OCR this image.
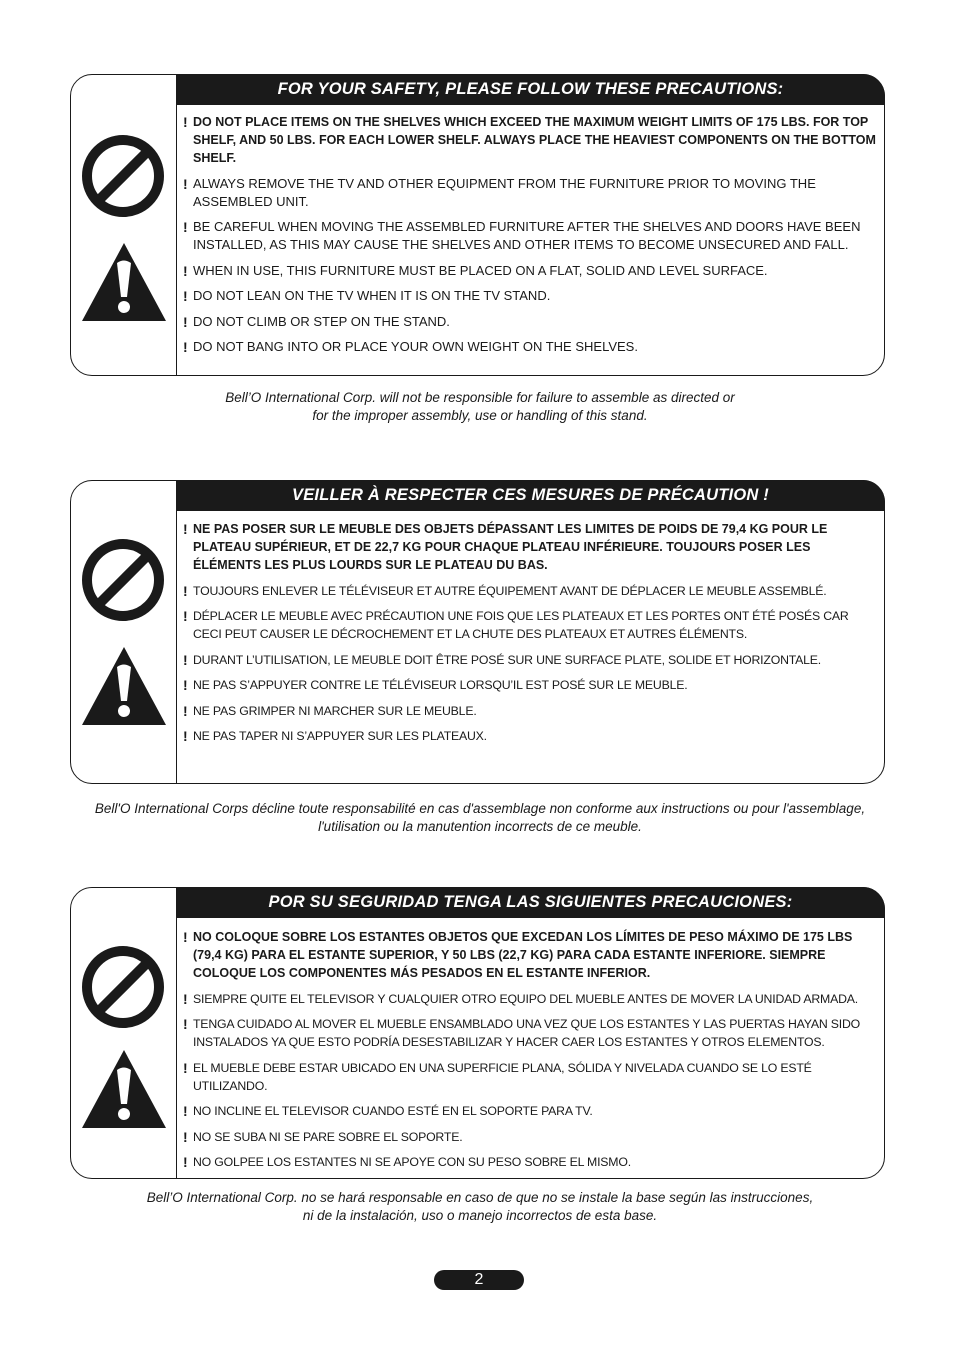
FOR YOUR SAFETY, PLEASE FOLLOW THESE PRECAUTIONS:
! DO NOT PLACE ITEMS ON THE SHELVES WHICH EXCEED THE MAXIMUM WEIGHT LIMITS OF 175 LBS. FOR TOP SHELF, AND 50 LBS. FOR EACH LOWER SHELF. ALWAYS PLACE THE HEAVIEST COMPONENTS ON THE BOTTOM SHELF.
! ALWAYS REMOVE THE TV AND OTHER EQUIPMENT FROM THE FURNITURE PRIOR TO MOVING THE ASSEMBLED UNIT.
! BE CAREFUL WHEN MOVING THE ASSEMBLED FURNITURE AFTER THE SHELVES AND DOORS HAVE BEEN INSTALLED, AS THIS MAY CAUSE THE SHELVES AND OTHER ITEMS TO BECOME UNSECURED AND FALL.
! WHEN IN USE, THIS FURNITURE MUST BE PLACED ON A FLAT, SOLID AND LEVEL SURFACE.
! DO NOT LEAN ON THE TV WHEN IT IS ON THE TV STAND.
! DO NOT CLIMB OR STEP ON THE STAND.
! DO NOT BANG INTO OR PLACE YOUR OWN WEIGHT ON THE SHELVES.

Bell’O International Corp. will not be responsible for failure to assemble as directed or
for the improper assembly, use or handling of this stand.

VEILLER À RESPECTER CES MESURES DE PRÉCAUTION !
! NE PAS POSER SUR LE MEUBLE DES OBJETS DÉPASSANT LES LIMITES DE POIDS DE 79,4 KG POUR LE PLATEAU SUPÉRIEUR, ET DE 22,7 KG POUR CHAQUE PLATEAU INFÉRIEURE. TOUJOURS POSER LES ÉLÉMENTS LES PLUS LOURDS SUR LE PLATEAU DU BAS.
! TOUJOURS ENLEVER LE TÉLÉVISEUR ET AUTRE ÉQUIPEMENT AVANT DE DÉPLACER LE MEUBLE ASSEMBLÉ.
! DÉPLACER LE MEUBLE AVEC PRÉCAUTION UNE FOIS QUE LES PLATEAUX ET LES PORTES ONT ÉTÉ POSÉS CAR CECI PEUT CAUSER LE DÉCROCHEMENT ET LA CHUTE DES PLATEAUX ET AUTRES ÉLÉMENTS.
! DURANT L’UTILISATION, LE MEUBLE DOIT ÊTRE POSÉ SUR UNE SURFACE PLATE, SOLIDE ET HORIZONTALE.
! NE PAS S’APPUYER CONTRE LE TÉLÉVISEUR LORSQU’IL EST POSÉ SUR LE MEUBLE.
! NE PAS GRIMPER NI MARCHER SUR LE MEUBLE.
! NE PAS TAPER NI S’APPUYER SUR LES PLATEAUX.

Bell'O International Corps décline toute responsabilité en cas d'assemblage non conforme aux instructions ou pour l'assemblage,
l'utilisation ou la manutention incorrects de ce meuble.

POR SU SEGURIDAD TENGA LAS SIGUIENTES PRECAUCIONES:
! NO COLOQUE SOBRE LOS ESTANTES OBJETOS QUE EXCEDAN LOS LÍMITES DE PESO MÁXIMO DE 175 LBS (79,4 KG) PARA EL ESTANTE SUPERIOR, Y 50 LBS (22,7 KG) PARA CADA ESTANTE INFERIORE. SIEMPRE COLOQUE LOS COMPONENTES MÁS PESADOS EN EL ESTANTE INFERIOR.
! SIEMPRE QUITE EL TELEVISOR Y CUALQUIER OTRO EQUIPO DEL MUEBLE ANTES DE MOVER LA UNIDAD ARMADA.
! TENGA CUIDADO AL MOVER EL MUEBLE ENSAMBLADO UNA VEZ QUE LOS ESTANTES Y LAS PUERTAS HAYAN SIDO INSTALADOS YA QUE ESTO PODRÍA DESESTABILIZAR Y HACER CAER LOS ESTANTES Y OTROS ELEMENTOS.
! EL MUEBLE DEBE ESTAR UBICADO EN UNA SUPERFICIE PLANA, SÓLIDA Y NIVELADA CUANDO SE LO ESTÉ UTILIZANDO.
! NO INCLINE EL TELEVISOR CUANDO ESTÉ EN EL SOPORTE PARA TV.
! NO SE SUBA NI SE PARE SOBRE EL SOPORTE.
! NO GOLPEE LOS ESTANTES NI SE APOYE CON SU PESO SOBRE EL MISMO.

Bell’O International Corp. no se hará responsable en caso de que no se instale la base según las instrucciones,
ni de la instalación, uso o manejo incorrectos de esta base.

2
